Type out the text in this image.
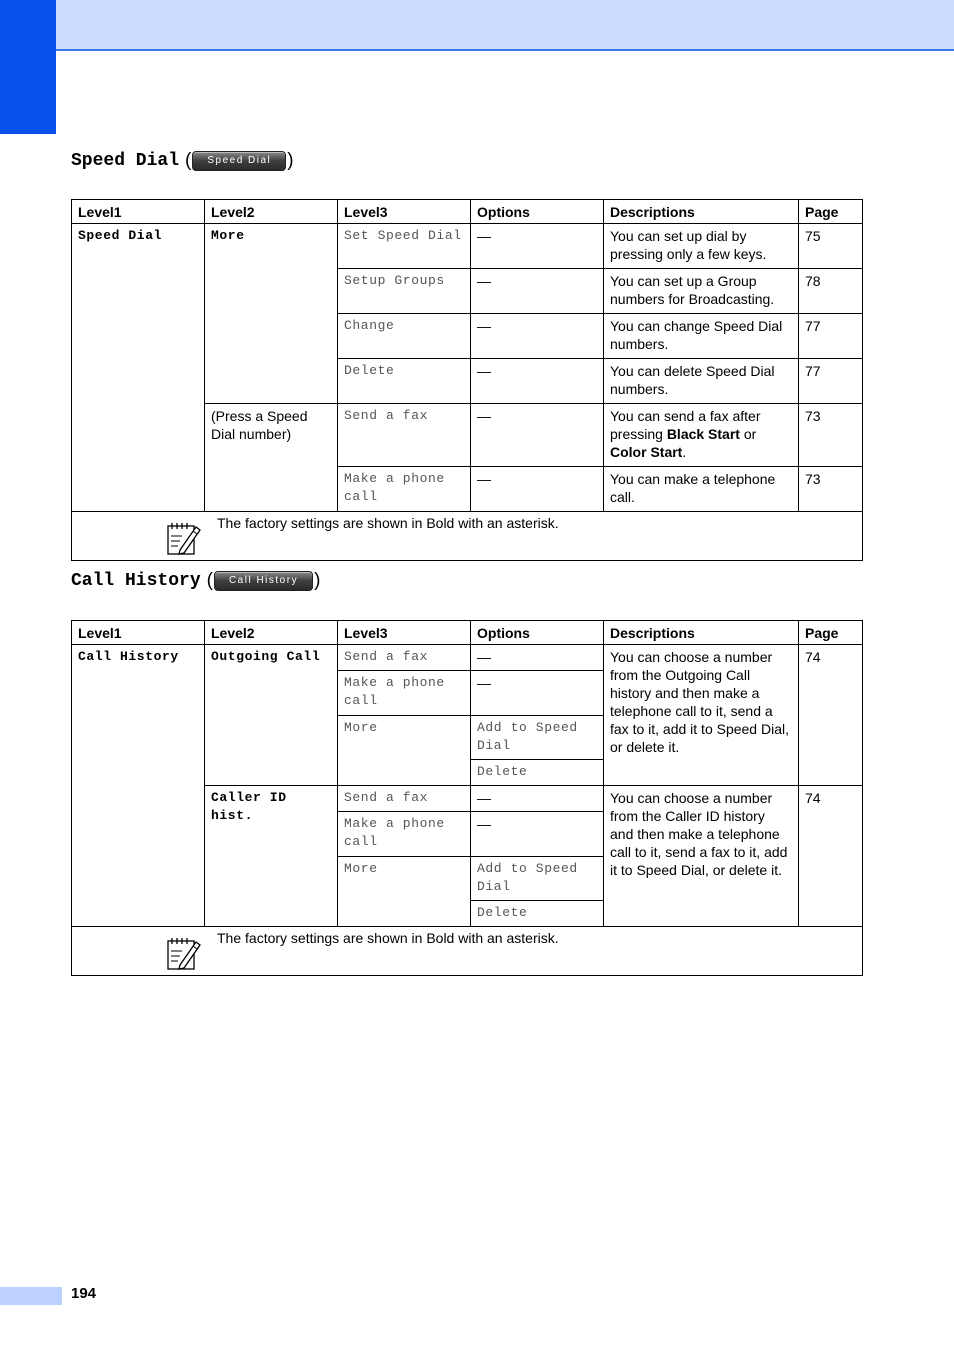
Speed Dial (	Speed Dial )
Level1	Level2	Level3	Options	Descriptions	Page
Speed Dial	More	Set Speed Dial	—	You can set up dial by pressing only a few keys.	75
		Setup Groups	—	You can set up a Group numbers for Broadcasting.	78
		Change	—	You can change Speed Dial numbers.	77
		Delete	—	You can delete Speed Dial numbers.	77
	(Press a Speed Dial number)	Send a fax	—	You can send a fax after pressing Black Start or Color Start.	73
		Make a phone call	—	You can make a telephone call.	73

The factory settings are shown in Bold with an asterisk.					
Call History (	Call History )
Level1	Level2	Level3	Options	Descriptions	Page
Call History	Outgoing Call	Send a fax	—	You can choose a number from the Outgoing Call history and then make a telephone call to it, send a fax to it, add it to Speed Dial, or delete it.	74
		Make a phone call	—		
		More	Add to Speed Dial		
			Delete		
	Caller ID hist.	Send a fax	—	You can choose a number from the Caller ID history and then make a telephone call to it, send a fax to it, add it to Speed Dial, or delete it.	74
		Make a phone call	—		
		More	Add to Speed Dial		
			Delete		

The factory settings are shown in Bold with an asterisk.					
194
